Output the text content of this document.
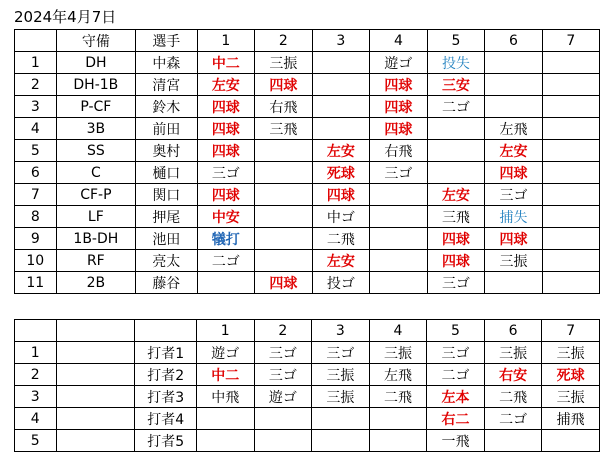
2024年4月7日
	守備	選手	1	2	3	4	5	6	7
1	DH	中森	中二	三振		遊ゴ	投失		
2	DH-1B	清宮	左安	四球		四球	三安		
3	P-CF	鈴木	四球	右飛		四球	二ゴ		
4	3B	前田	四球	三飛		四球		左飛	
5	SS	奥村	四球		左安	右飛		左安	
6	C	樋口	三ゴ		死球	三ゴ		四球	
7	CF-P	関口	四球		四球		左安	三ゴ	
8	LF	押尾	中安		中ゴ		三飛	捕失	
9	1B-DH	池田	犠打		二飛		四球	四球	
10	RF	亮太	二ゴ		左安		四球	三振	
11	2B	藤谷		四球	投ゴ		三ゴ		
			1	2	3	4	5	6	7
1		打者1	遊ゴ	三ゴ	三ゴ	三振	三ゴ	三振	三振
2		打者2	中二	三ゴ	三振	左飛	二ゴ	右安	死球
3		打者3	中飛	遊ゴ	三振	二飛	左本	二飛	三振
4		打者4					右二	二ゴ	捕飛
5		打者5					一飛		
